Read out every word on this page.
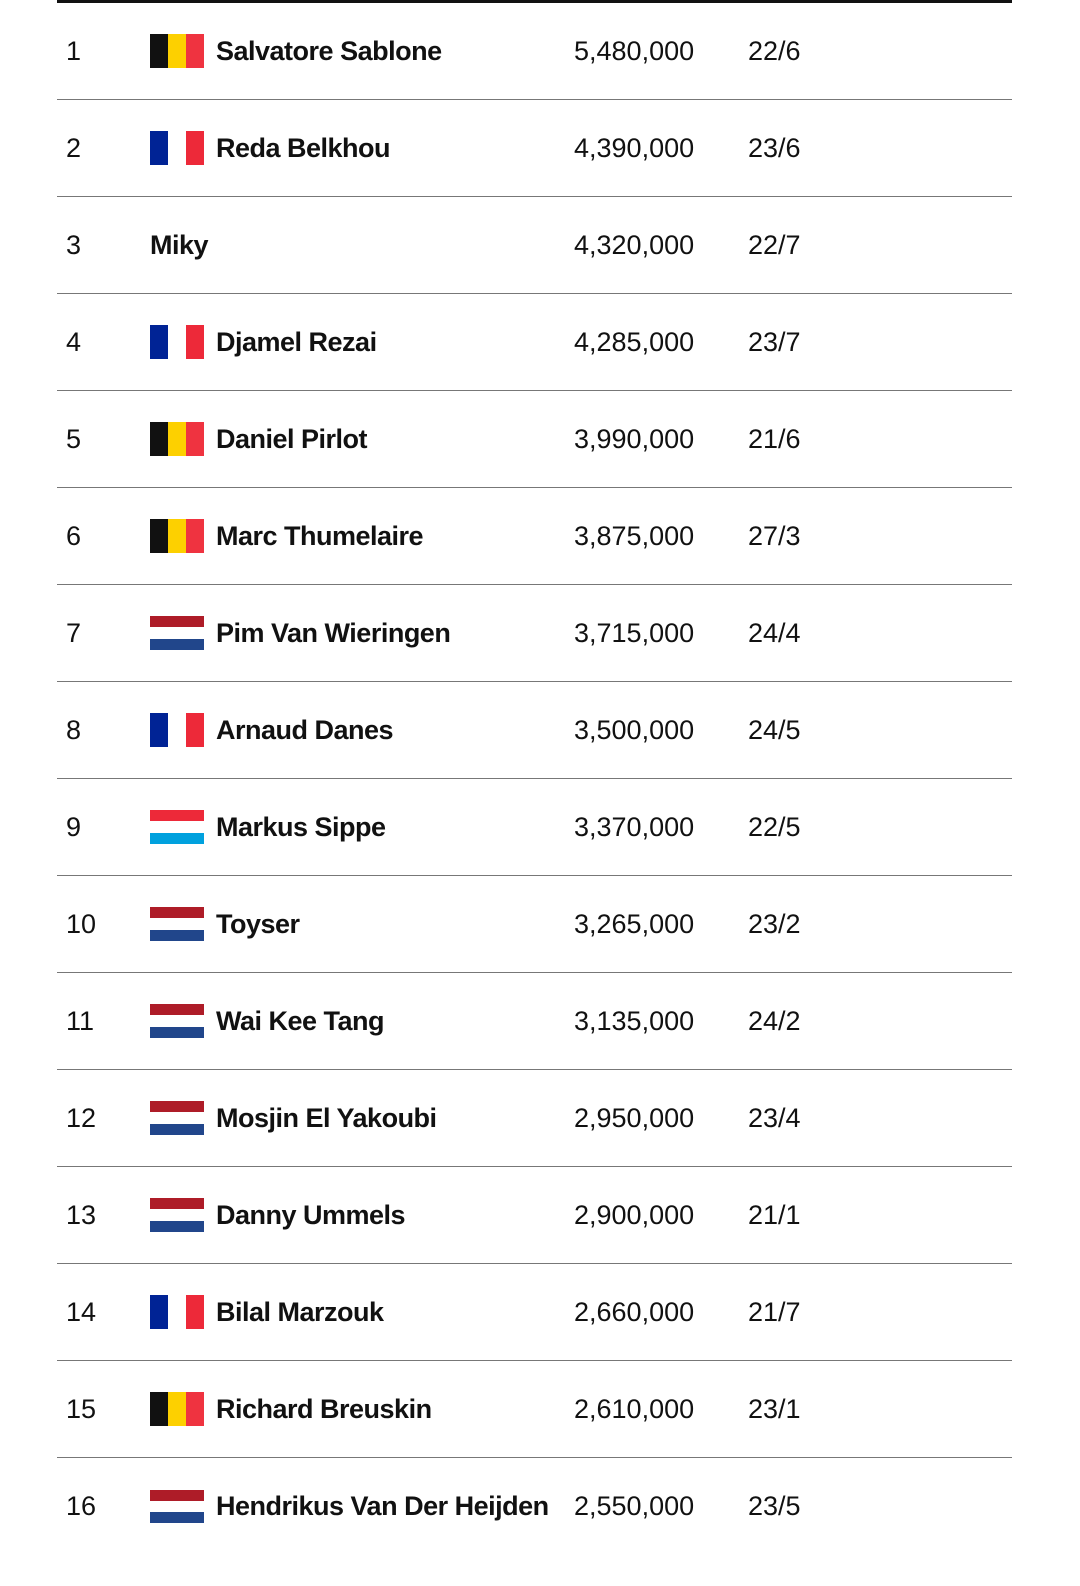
1	Salvatore Sablone	5,480,000 22/6
2	Reda Belkhou	4,390,000 23/6
3	Miky	4,320,000 22/7
4	Djamel Rezai	4,285,000 23/7
5	Daniel Pirlot	3,990,000 21/6
6	Marc Thumelaire	3,875,000 27/3
7	Pim Van Wieringen	3,715,000 24/4
8	Arnaud Danes	3,500,000 24/5
9	Markus Sippe	3,370,000 22/5
10	Toyser	3,265,000 23/2
11	Wai Kee Tang	3,135,000 24/2
12	Mosjin El Yakoubi	2,950,000 23/4
13	Danny Ummels	2,900,000 21/1
14	Bilal Marzouk	2,660,000 21/7
15	Richard Breuskin	2,610,000 23/1
16	Hendrikus Van Der Heijden 2,550,000 23/5
